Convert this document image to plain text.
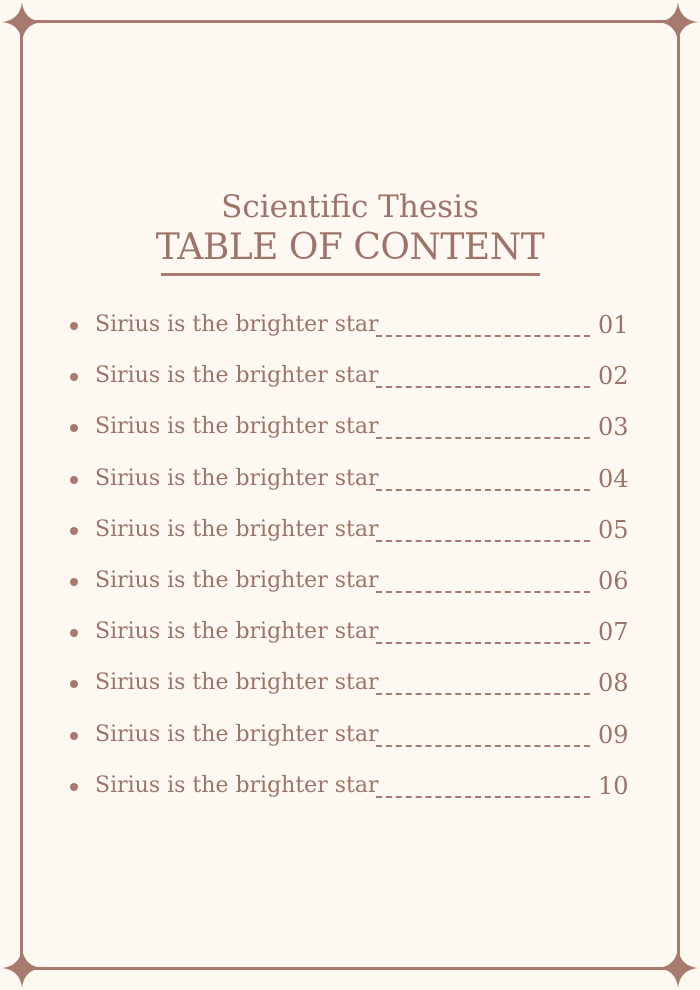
Scientific Thesis
TABLE OF CONTENT
Sirius is the brighter star	01
Sirius is the brighter star	02
Sirius is the brighter star	03
Sirius is the brighter star	04
Sirius is the brighter star	05
Sirius is the brighter star	06
Sirius is the brighter star	07
Sirius is the brighter star	08
Sirius is the brighter star	09
Sirius is the brighter star	10
